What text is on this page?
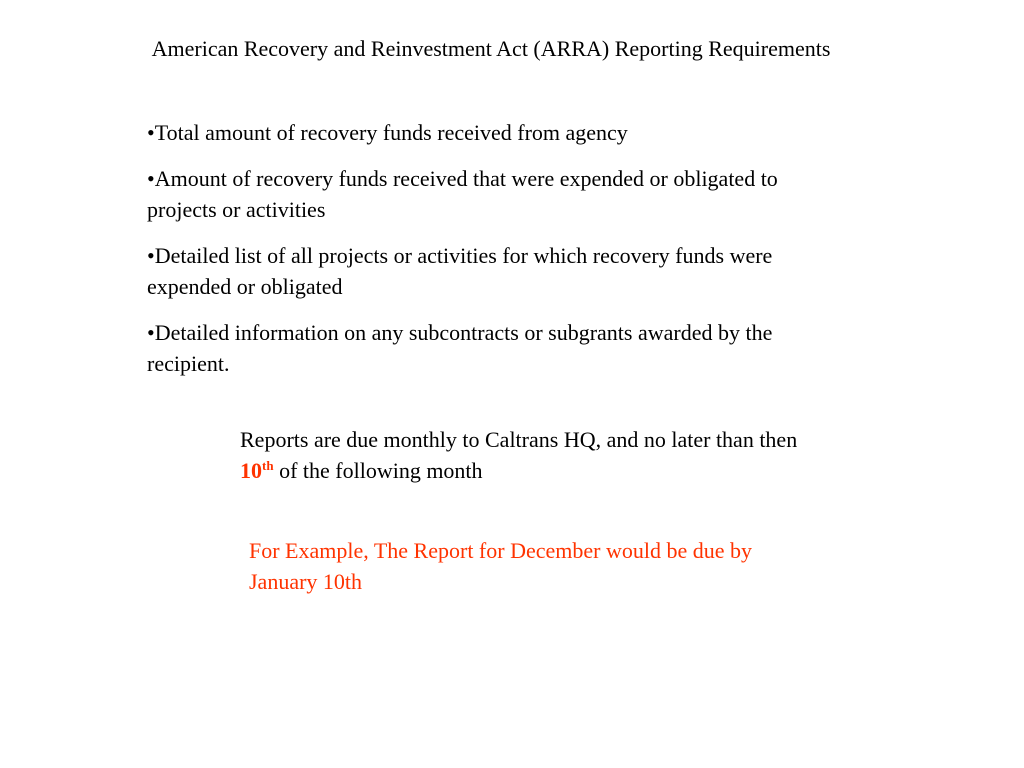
American Recovery and Reinvestment Act (ARRA) Reporting Requirements
•Total amount of recovery funds received from agency
•Amount of recovery funds received that were expended or obligated to projects or activities
•Detailed list of all projects or activities for which recovery funds were expended or obligated
•Detailed information on any subcontracts or subgrants awarded by the recipient.
Reports are due monthly to Caltrans HQ, and no later than then 10th of the following month
For Example, The Report for December would be due by January 10th
